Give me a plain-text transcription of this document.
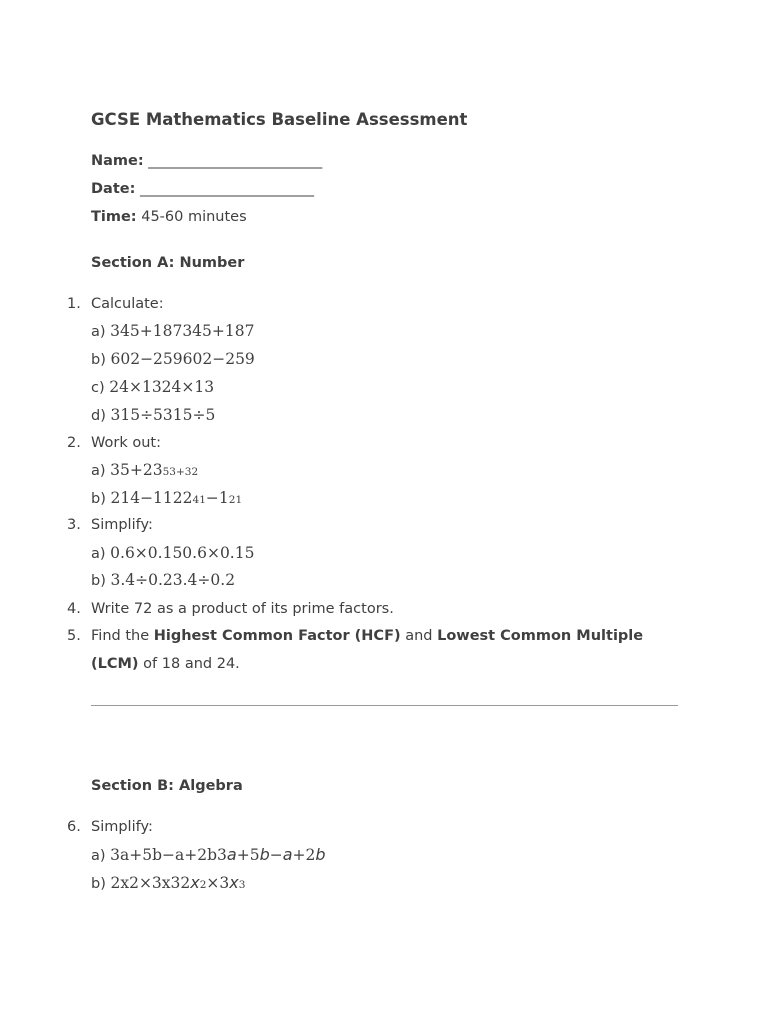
GCSE Mathematics Baseline Assessment
Name: ________________________
Date: ________________________
Time: 45-60 minutes
Section A: Number
1. Calculate:
a) 345+187345+187
b) 602−259602−259
c) 24×1324×13
d) 315÷5315÷5
2. Work out:
a) 35+2353+32
b) 214−112241−121
3. Simplify:
a) 0.6×0.150.6×0.15
b) 3.4÷0.23.4÷0.2
4. Write 72 as a product of its prime factors.
5. Find the Highest Common Factor (HCF) and Lowest Common Multiple
(LCM) of 18 and 24.
Section B: Algebra
6. Simplify:
a) 3a+5b−a+2b3a+5b−a+2b
b) 2x2×3x32x2×3x3
